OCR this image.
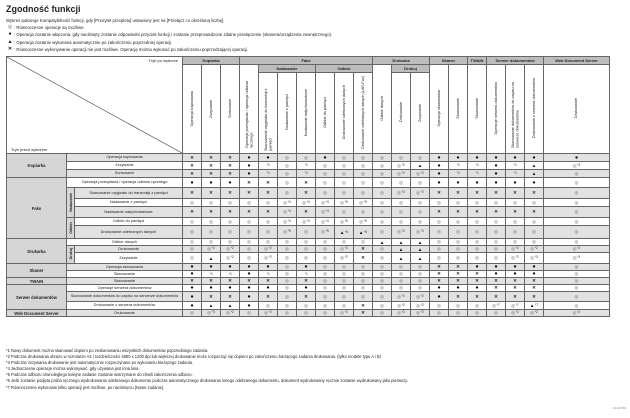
Zgodność funkcji
Wykres pokazuje Kompatybilność funkcji, gdy [Priorytet przeplotu] ustawiony jest na [Przełącz co określoną liczbę].
◎ : Równoczesne operacje są możliwe.
● : Operacja zostanie włączona, gdy naciśnięty zostanie odpowiedni przycisk funkcji i zostanie przeprowadzone zdalne przełączenie (skanera/urządzenia zewnętrznego).
▲ : Operacja zostanie wykonana automatycznie po zakończeniu poprzedniej operacji.
✕ : Równoczesne wykonywanie operacji nie jest możliwe. Operację można wykonać po zakończeniu poprzedzającej operacji.
Tryb po wyborze
Tryb przed wyborem			Kopiarka			Faks							Drukarka			Skaner		TWAIN	Serwer dokumentów			Web Document Server
			Operacja kopiowania	Zszywanie	Sortowanie	Operacja przesyłania / operacja odbioru ręcznego	Nadawanie			Odbiór			Odbiór danych	Drukuj		Operacja skanowania	Skanowanie	Skanowanie	Operacje serwera dokumentów	Skanowanie dokumentów do zapisu na serwerze dokumentów	Drukowanie z serwera dokumentów	Drukowanie
							Skanowanie oryginału do transmisji z pamięci	Nadawanie z pamięci	Nadawanie natychmiastowe	Odbiór do pamięci	Drukowanie odebranych danych	Drukowanie odebranych danych (LAN-Fax)		Drukowanie	Zszywanie							
Kopiarka	Operacja kopiowania		✕	✕	✕	●	●	◎	◎	●	◎	◎	◎	◎	◎	●	●	●	●	●	●	●
	Zszywanie		✕	✕	✕	●	$^{*1}$	◎	$^{*1}$	◎	◎	◎	◎	◎$^{*2}$	▲	●	$^{*1}$	$^{*1}$	●	$^{*1}$	▲	◎$^{*3}$
	Sortowanie		✕	✕	✕	●	$^{*1}$	◎	$^{*1}$	◎	◎	◎	◎	◎$^{*2}$	◎$^{*2}$	●	$^{*1}$	$^{*1}$	●	$^{*1}$	▲	◎
Faks	Operacja przesyłania / operacja odbioru ręcznego		●	●	●	✕	✕	◎	✕	◎	◎	◎	◎	◎	◎	●	●	●	●	●	●	◎
	Nadawanie	Skanowanie oryginału do transmisji z pamięci	✕	✕	✕	✕	✕	◎	✕	◎	◎	◎	◎	◎$^{*2}$	◎$^{*2}$	✕	✕	✕	✕	✕	✕	◎
		Nadawanie z pamięci	◎	◎	◎	◎	◎	◎$^{*4}$	◎$^{*4}$	◎$^{*4}$	◎$^{*5}$	◎$^{*5}$	◎	◎	◎	◎	◎	◎	◎	◎	◎	◎
		Nadawanie natychmiastowe	✕	✕	✕	✕	✕	◎$^{*4}$	✕	◎$^{*4}$	◎	◎	◎	◎	◎	✕	✕	✕	✕	✕	✕	◎
	Odbiór	Odbiór do pamięci	◎	◎	◎	◎	◎	◎$^{*4}$	◎$^{*4}$	◎$^{*4}$	◎$^{*5}$	◎$^{*5}$	◎	◎	◎	◎	◎	◎	◎	◎	◎	◎
		Drukowanie odebranych danych	◎	◎	◎	◎	◎	◎$^{*5}$	◎	◎$^{*5}$	▲$^{*6}$	▲$^{*6}$	◎	◎$^{*2}$	◎$^{*2}$	◎	◎	◎	◎	◎	◎	◎
Drukarka	Odbiór danych		◎	◎	◎	◎	◎	◎	◎	◎	◎	◎	▲	▲	▲	◎	◎	◎	◎	◎	◎	◎
	Drukuj	Drukowanie	◎	◎$^{*2}$	◎$^{*2}$	◎	◎$^{*2}$	◎	◎	◎	◎$^{*2}$	✕	◎	▲	▲	◎	◎	◎	◎	◎$^{*2}$	◎$^{*2}$	◎$^{*2}$
		Zszywanie	◎	▲	◎$^{*2}$	◎	◎$^{*2}$	◎	◎	◎	◎$^{*2}$	✕	◎	▲	▲	◎	◎	◎	◎	◎$^{*2}$	◎$^{*3}$	◎$^{*3}$
Skaner	Operacja skanowania		●	●	●	●	●	◎	●	◎	◎	◎	◎	◎	◎	✕	✕	●	●	●	●	◎
	Skanowanie		●	$^{*1}$	$^{*1}$	●	$^{*1}$	◎	$^{*1}$	◎	◎	◎	◎	◎	◎	✕	✕	✕	●	●	●	◎
TWAIN	Skanowanie		✕	✕	✕	✕	✕	◎	✕	◎	◎	◎	◎	◎	◎	✕	✕	✕	✕	✕	✕	◎
Serwer dokumentów	Operacje serwera dokumentów		●	●	●	●	●	◎	●	◎	◎	◎	◎	◎	◎	●	●	●	✕	✕	✕	◎
	Skanowanie dokumentów do zapisu na serwerze dokumentów		●	✕	✕	●	✕	◎	✕	◎	◎	◎	◎	◎$^{*2}$	◎$^{*2}$	●	✕	✕	✕	✕	✕	◎
	Drukowanie z serwera dokumentów		●	▲	▲	●	◎	◎	◎	◎	◎	✕	◎	◎$^{*2}$	◎$^{*2}$	◎	◎	◎	◎$^{*7}$	◎$^{*7}$	▲$^{*7}$	◎
Web Document Server	Drukowanie		◎	◎$^{*3}$	◎$^{*2}$	◎	◎$^{*2}$	◎	◎	◎	◎$^{*2}$	✕	◎	◎$^{*2}$	◎$^{*2}$	◎	◎	◎	◎	◎$^{*2}$	◎$^{*2}$	◎$^{*2}$
*1 Nowy dokument można skanować dopiero po zeskanowaniu wszystkich dokumentów poprzedniego zadania.
*2 Podczas drukowania obrazu w rozmiarze A3 i rozdzielczości 4800 x 1200 dpi lub większej drukowanie może rozpocząć się dopiero po zakończeniu bieżącego zadania drukowania. (tylko modele typu A i B)
*3 Podczas zszywania drukowanie jest automatycznie rozpoczynane po wykonaniu bieżącego zadania.
*4 Jednoczesne operacje można wykonywać, gdy używana jest inna linia.
*5 Podczas odbioru równoległego kolejne zadanie zostanie wstrzymane do chwili zakończenia odbioru.
*6 Jeśli zostanie podjęta próba ręcznego wydrukowania odebranego dokumentu podczas automatycznego drukowania innego odebranego dokumentu, dokument wydrukowany ręcznie zostanie wydrukowany jako pierwszy.
*7 Równoczesne wykonanie kilku operacji jest możliwe, po naciśnięciu [Nowe zadanie].
FLUC716
